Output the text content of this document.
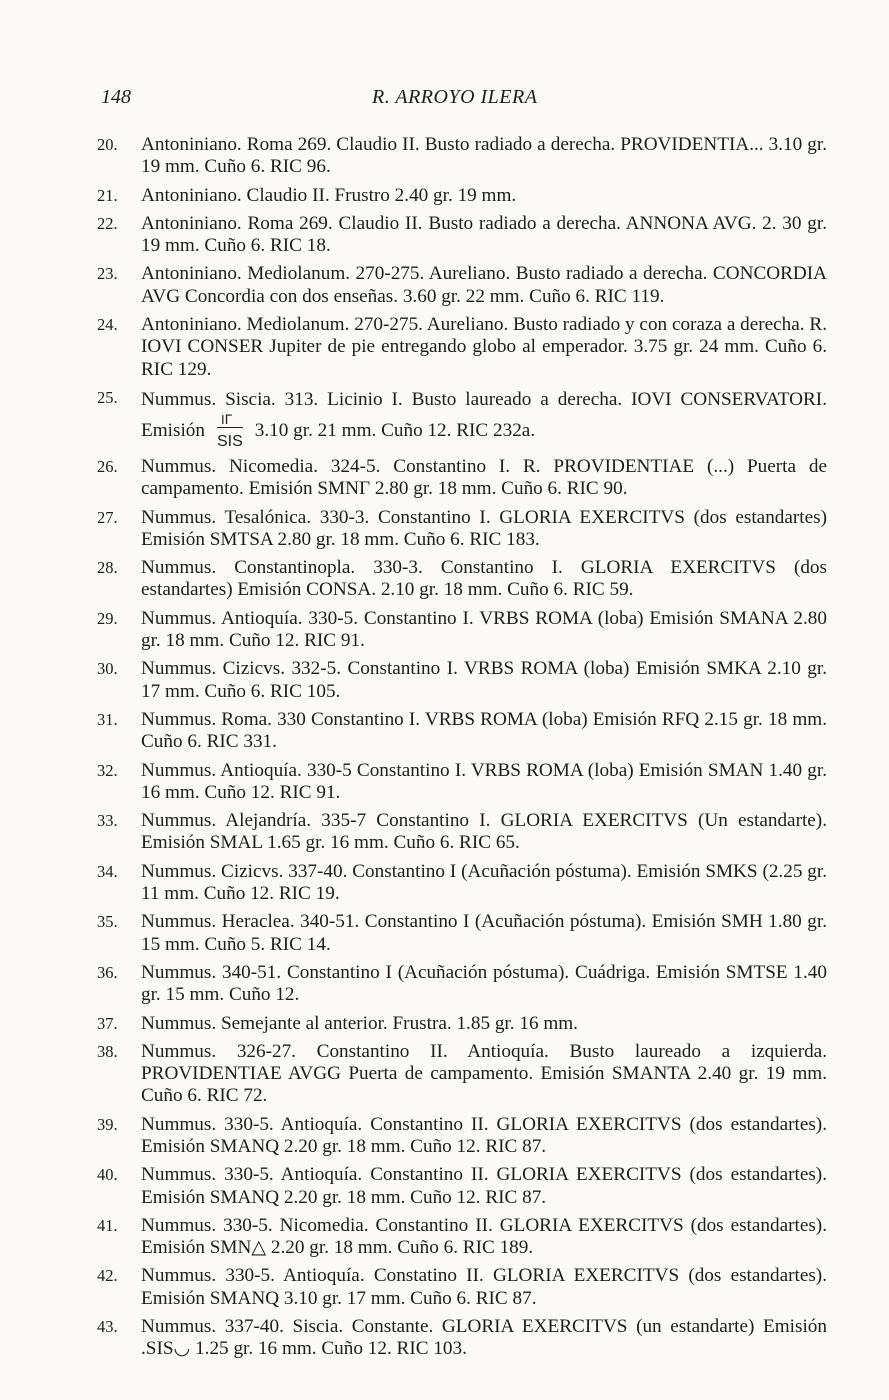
148	R. ARROYO ILERA
20.	Antoniniano. Roma 269. Claudio II. Busto radiado a derecha. PROVIDENTIA... 3.10 gr. 19 mm. Cuño 6. RIC 96.
21.	Antoniniano. Claudio II. Frustro 2.40 gr. 19 mm.
22.	Antoniniano. Roma 269. Claudio II. Busto radiado a derecha. ANNONA AVG. 2. 30 gr. 19 mm. Cuño 6. RIC 18.
23.	Antoniniano. Mediolanum. 270-275. Aureliano. Busto radiado a derecha. CONCORDIA AVG Concordia con dos enseñas. 3.60 gr. 22 mm. Cuño 6. RIC 119.
24.	Antoniniano. Mediolanum. 270-275. Aureliano. Busto radiado y con coraza a derecha. R. IOVI CONSER Jupiter de pie entregando globo al emperador. 3.75 gr. 24 mm. Cuño 6. RIC 129.
25.	Nummus. Siscia. 313. Licinio I. Busto laureado a derecha. IOVI CONSERVATORI. Emisión
Iᒥ
SIS
3.10 gr. 21 mm. Cuño 12. RIC 232a.
26.	Nummus. Nicomedia. 324-5. Constantino I. R. PROVIDENTIAE (...) Puerta de campamento. Emisión SMNΓ 2.80 gr. 18 mm. Cuño 6. RIC 90.
27.	Nummus. Tesalónica. 330-3. Constantino I. GLORIA EXERCITVS (dos estandartes) Emisión SMTSA 2.80 gr. 18 mm. Cuño 6. RIC 183.
28.	Nummus. Constantinopla. 330-3. Constantino I. GLORIA EXERCITVS (dos estandartes) Emisión CONSA. 2.10 gr. 18 mm. Cuño 6. RIC 59.
29.	Nummus. Antioquía. 330-5. Constantino I. VRBS ROMA (loba) Emisión SMANA 2.80 gr. 18 mm. Cuño 12. RIC 91.
30.	Nummus. Cizicvs. 332-5. Constantino I. VRBS ROMA (loba) Emisión SMKA 2.10 gr. 17 mm. Cuño 6. RIC 105.
31.	Nummus. Roma. 330 Constantino I. VRBS ROMA (loba) Emisión RFQ 2.15 gr. 18 mm. Cuño 6. RIC 331.
32.	Nummus. Antioquía. 330-5 Constantino I. VRBS ROMA (loba) Emisión SMAN 1.40 gr. 16 mm. Cuño 12. RIC 91.
33.	Nummus. Alejandría. 335-7 Constantino I. GLORIA EXERCITVS (Un estandarte). Emisión SMAL 1.65 gr. 16 mm. Cuño 6. RIC 65.
34.	Nummus. Cizicvs. 337-40. Constantino I (Acuñación póstuma). Emisión SMKS (2.25 gr. 11 mm. Cuño 12. RIC 19.
35.	Nummus. Heraclea. 340-51. Constantino I (Acuñación póstuma). Emisión SMH 1.80 gr. 15 mm. Cuño 5. RIC 14.
36.	Nummus. 340-51. Constantino I (Acuñación póstuma). Cuádriga. Emisión SMTSE 1.40 gr. 15 mm. Cuño 12.
37.	Nummus. Semejante al anterior. Frustra. 1.85 gr. 16 mm.
38.	Nummus. 326-27. Constantino II. Antioquía. Busto laureado a izquierda. PROVIDENTIAE AVGG Puerta de campamento. Emisión SMANTA 2.40 gr. 19 mm. Cuño 6. RIC 72.
39.	Nummus. 330-5. Antioquía. Constantino II. GLORIA EXERCITVS (dos estandartes). Emisión SMANQ 2.20 gr. 18 mm. Cuño 12. RIC 87.
40.	Nummus. 330-5. Antioquía. Constantino II. GLORIA EXERCITVS (dos estandartes). Emisión SMANQ 2.20 gr. 18 mm. Cuño 12. RIC 87.
41.	Nummus. 330-5. Nicomedia. Constantino II. GLORIA EXERCITVS (dos estandartes). Emisión SMN△ 2.20 gr. 18 mm. Cuño 6. RIC 189.
42.	Nummus. 330-5. Antioquía. Constatino II. GLORIA EXERCITVS (dos estandartes). Emisión SMANQ 3.10 gr. 17 mm. Cuño 6. RIC 87.
43.	Nummus. 337-40. Siscia. Constante. GLORIA EXERCITVS (un estandarte) Emisión .SIS◡ 1.25 gr. 16 mm. Cuño 12. RIC 103.
